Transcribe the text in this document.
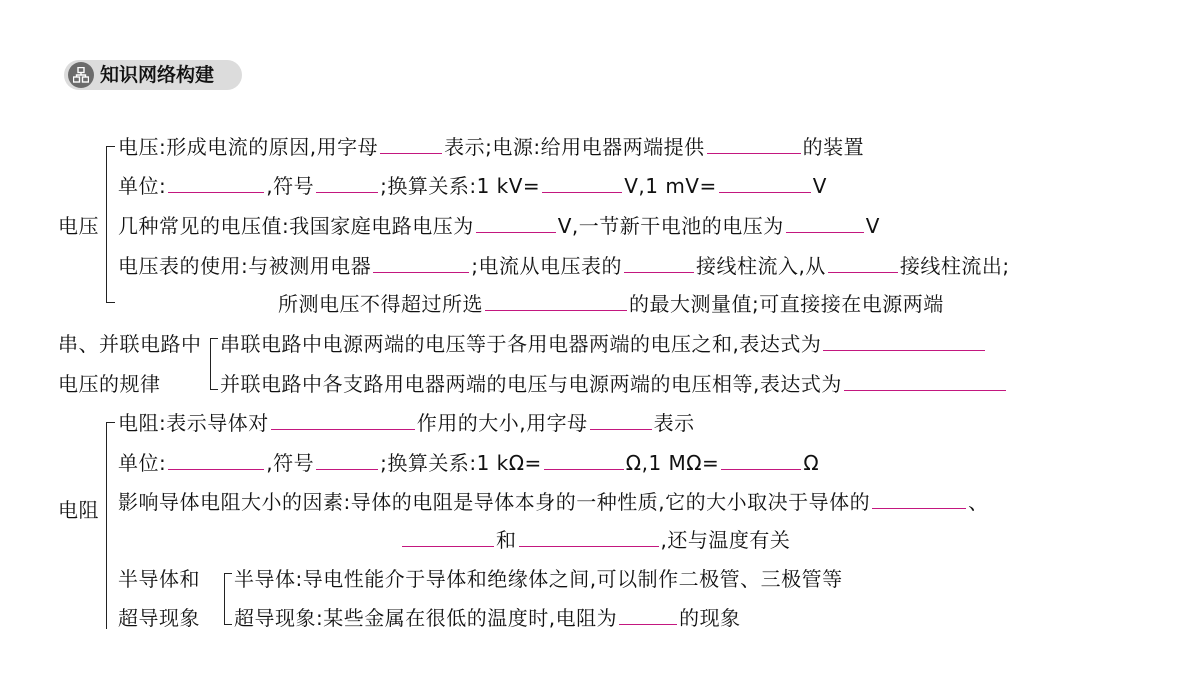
知识网络构建
电压
电压:形成电流的原因,用字母	表示;电源:给用电器两端提供	的装置
单位:	,符号	;换算关系:1 kV=	V,1 mV=	V
几种常见的电压值:我国家庭电路电压为	V,一节新干电池的电压为	V
电压表的使用:与被测用电器	;电流从电压表的	接线柱流入,从	接线柱流出;
所测电压不得超过所选	的最大测量值;可直接接在电源两端
串、并联电路中
电压的规律
串联电路中电源两端的电压等于各用电器两端的电压之和,表达式为
并联电路中各支路用电器两端的电压与电源两端的电压相等,表达式为
电阻
电阻:表示导体对	作用的大小,用字母	表示
单位:	,符号	;换算关系:1 kΩ=	Ω,1 MΩ=	Ω
影响导体电阻大小的因素:导体的电阻是导体本身的一种性质,它的大小取决于导体的	、
和	,还与温度有关
半导体和
超导现象
半导体:导电性能介于导体和绝缘体之间,可以制作二极管、三极管等
超导现象:某些金属在很低的温度时,电阻为	的现象
